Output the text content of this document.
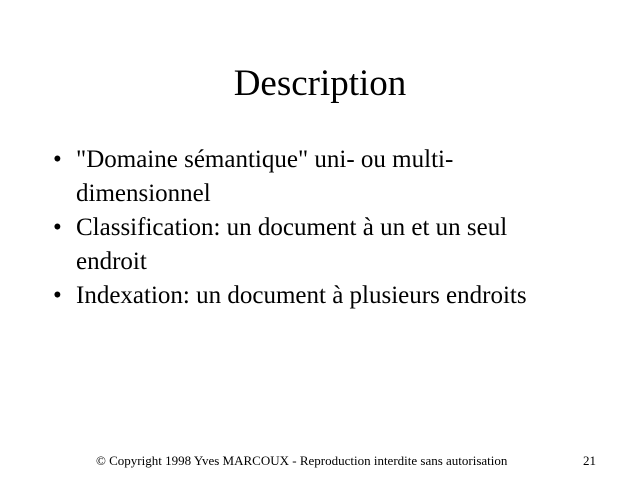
Description
• "Domaine sémantique" uni- ou multi-dimensionnel
• Classification: un document à un et un seul endroit
• Indexation: un document à plusieurs endroits
© Copyright 1998 Yves MARCOUX - Reproduction interdite sans autorisation	21
